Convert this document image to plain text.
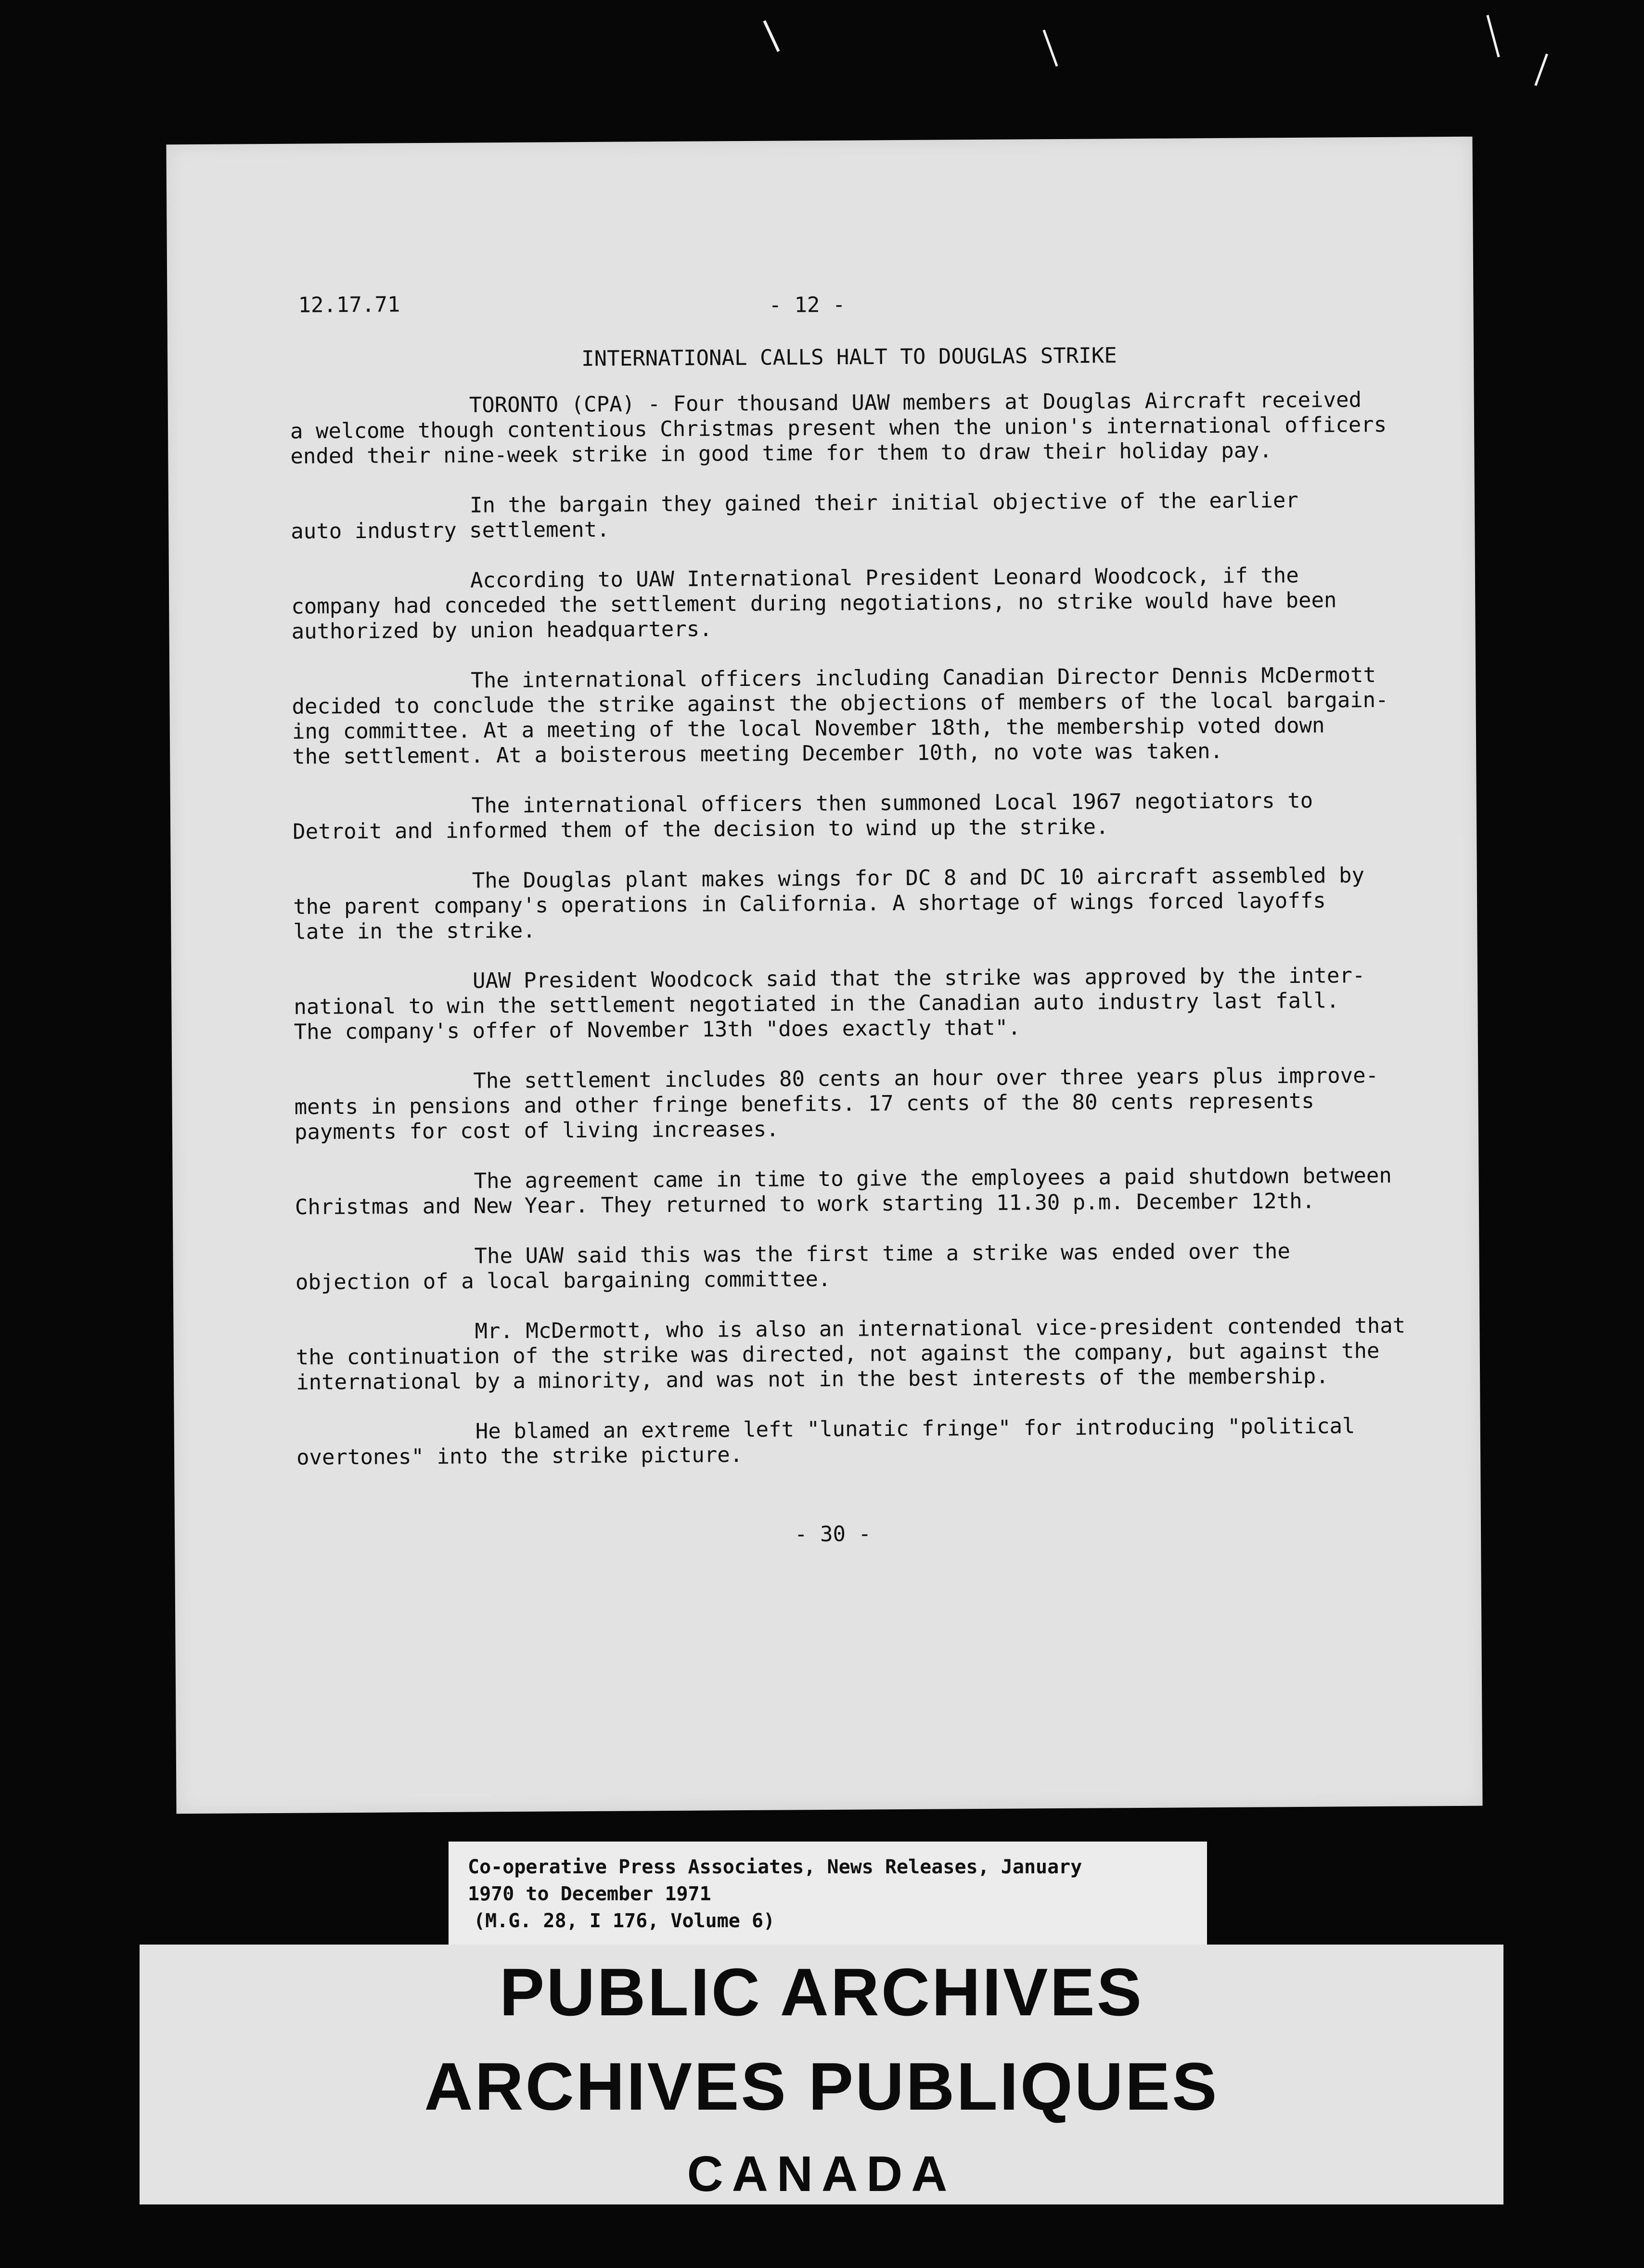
12.17.71	- 12 -
INTERNATIONAL CALLS HALT TO DOUGLAS STRIKE
TORONTO (CPA) - Four thousand UAW members at Douglas Aircraft received
a welcome though contentious Christmas present when the union's international officers
ended their nine-week strike in good time for them to draw their holiday pay.
In the bargain they gained their initial objective of the earlier
auto industry settlement.
According to UAW International President Leonard Woodcock, if the
company had conceded the settlement during negotiations, no strike would have been
authorized by union headquarters.
The international officers including Canadian Director Dennis McDermott
decided to conclude the strike against the objections of members of the local bargain-
ing committee. At a meeting of the local November 18th, the membership voted down
the settlement. At a boisterous meeting December 10th, no vote was taken.
The international officers then summoned Local 1967 negotiators to
Detroit and informed them of the decision to wind up the strike.
The Douglas plant makes wings for DC 8 and DC 10 aircraft assembled by
the parent company's operations in California. A shortage of wings forced layoffs
late in the strike.
UAW President Woodcock said that the strike was approved by the inter-
national to win the settlement negotiated in the Canadian auto industry last fall.
The company's offer of November 13th "does exactly that".
The settlement includes 80 cents an hour over three years plus improve-
ments in pensions and other fringe benefits. 17 cents of the 80 cents represents
payments for cost of living increases.
The agreement came in time to give the employees a paid shutdown between
Christmas and New Year. They returned to work starting 11.30 p.m. December 12th.
The UAW said this was the first time a strike was ended over the
objection of a local bargaining committee.
Mr. McDermott, who is also an international vice-president contended that
the continuation of the strike was directed, not against the company, but against the
international by a minority, and was not in the best interests of the membership.
He blamed an extreme left "lunatic fringe" for introducing "political
overtones" into the strike picture.
- 30 -
Co-operative Press Associates, News Releases, January
1970 to December 1971
(M.G. 28, I 176, Volume 6)
PUBLIC ARCHIVES
ARCHIVES PUBLIQUES
CANADA
